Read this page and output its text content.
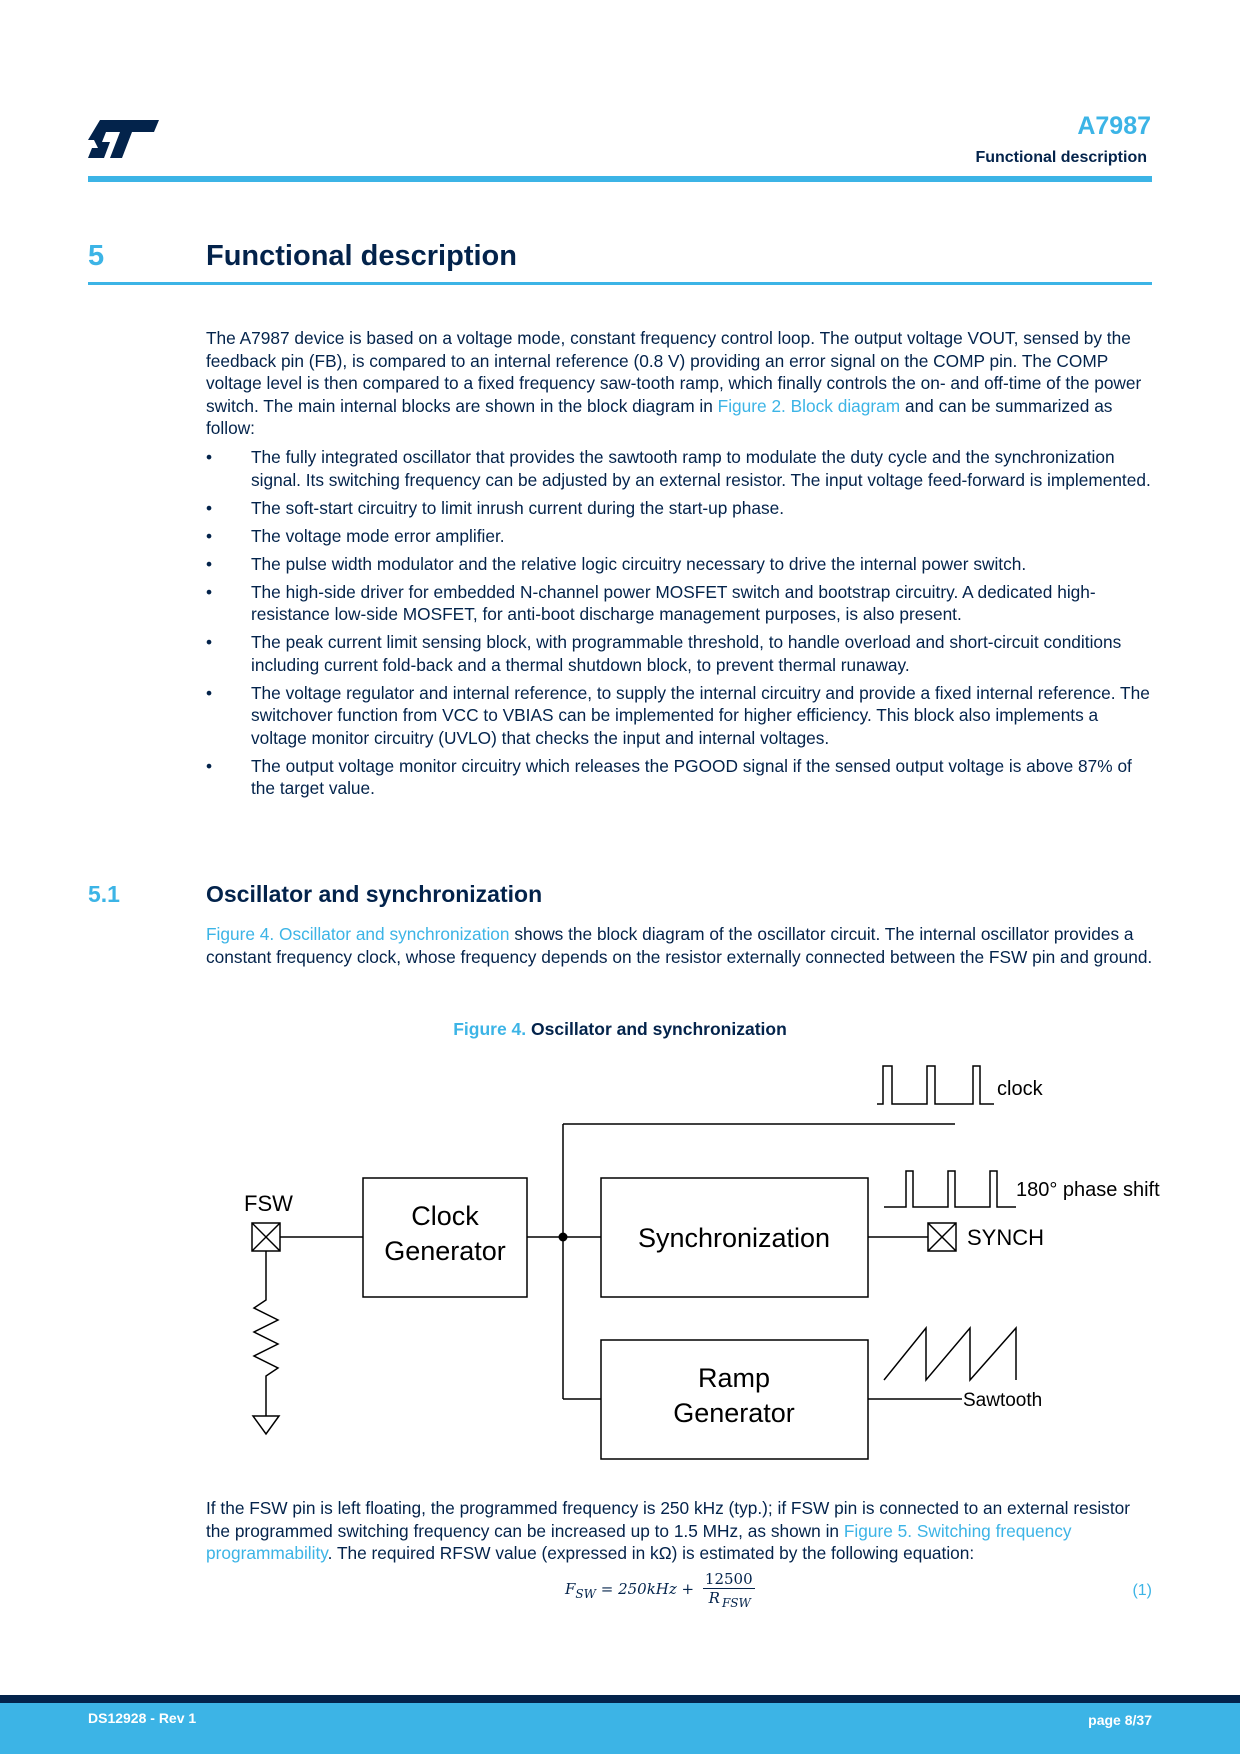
A7987
Functional description
5	Functional description
The A7987 device is based on a voltage mode, constant frequency control loop. The output voltage VOUT, sensed by the feedback pin (FB), is compared to an internal reference (0.8 V) providing an error signal on the COMP pin. The COMP voltage level is then compared to a fixed frequency saw-tooth ramp, which finally controls the on- and off-time of the power switch. The main internal blocks are shown in the block diagram in Figure 2. Block diagram and can be summarized as follow:
• The fully integrated oscillator that provides the sawtooth ramp to modulate the duty cycle and the synchronization signal. Its switching frequency can be adjusted by an external resistor. The input voltage feed-forward is implemented.
• The soft-start circuitry to limit inrush current during the start-up phase.
• The voltage mode error amplifier.
• The pulse width modulator and the relative logic circuitry necessary to drive the internal power switch.
• The high-side driver for embedded N-channel power MOSFET switch and bootstrap circuitry. A dedicated high-resistance low-side MOSFET, for anti-boot discharge management purposes, is also present.
• The peak current limit sensing block, with programmable threshold, to handle overload and short-circuit conditions including current fold-back and a thermal shutdown block, to prevent thermal runaway.
• The voltage regulator and internal reference, to supply the internal circuitry and provide a fixed internal reference. The switchover function from VCC to VBIAS can be implemented for higher efficiency. This block also implements a voltage monitor circuitry (UVLO) that checks the input and internal voltages.
• The output voltage monitor circuitry which releases the PGOOD signal if the sensed output voltage is above 87% of the target value.
5.1	Oscillator and synchronization
Figure 4. Oscillator and synchronization shows the block diagram of the oscillator circuit. The internal oscillator provides a constant frequency clock, whose frequency depends on the resistor externally connected between the FSW pin and ground.
Figure 4. Oscillator and synchronization
FSW	Clock
Generator	Synchronization
Ramp
Generator
clock
180° phase shift
SYNCH
Sawtooth
If the FSW pin is left floating, the programmed frequency is 250 kHz (typ.); if FSW pin is connected to an external resistor the programmed switching frequency can be increased up to 1.5 MHz, as shown in Figure 5. Switching frequency programmability. The required RFSW value (expressed in kΩ) is estimated by the following equation:
$F_{SW} = 250kHz + \frac{12500}{R _{FSW}}$	(1)
DS12928 - Rev 1	page 8/37
